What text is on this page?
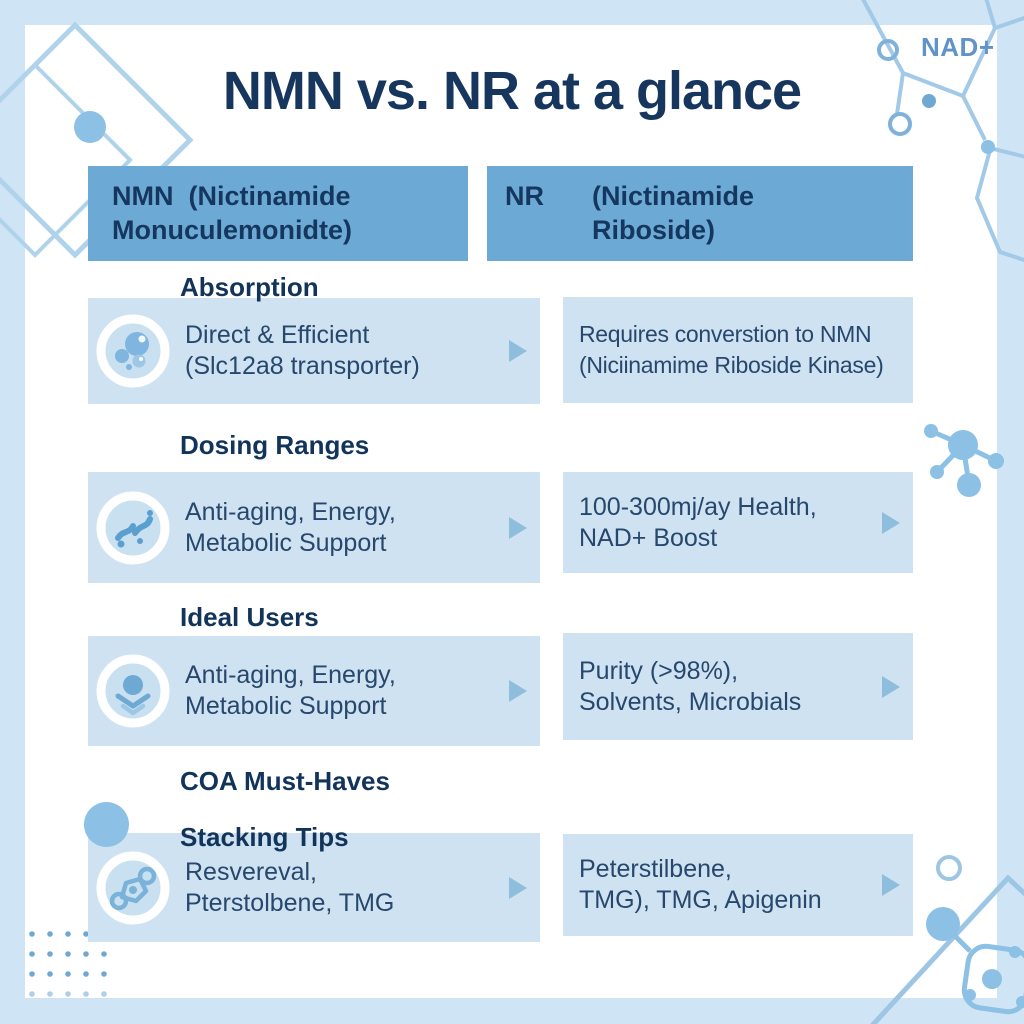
NMN vs. NR at a glance
NAD+
NMN  (Nictinamide
Monuculemonidte)
NR	(Nictinamide
Riboside)
Absorption
Dosing Ranges
Ideal Users
COA Must-Haves
Stacking Tips
Direct & Efficient
(Slc12a8 transporter)
Requires converstion to NMN
(Niciinamime Riboside Kinase)
Anti-aging, Energy,
Metabolic Support
100-300mj/ay Health,
NAD+ Boost
Anti-aging, Energy,
Metabolic Support
Purity (>98%),
Solvents, Microbials
Resvereval,
Pterstolbene, TMG
Peterstilbene,
TMG), TMG, Apigenin
